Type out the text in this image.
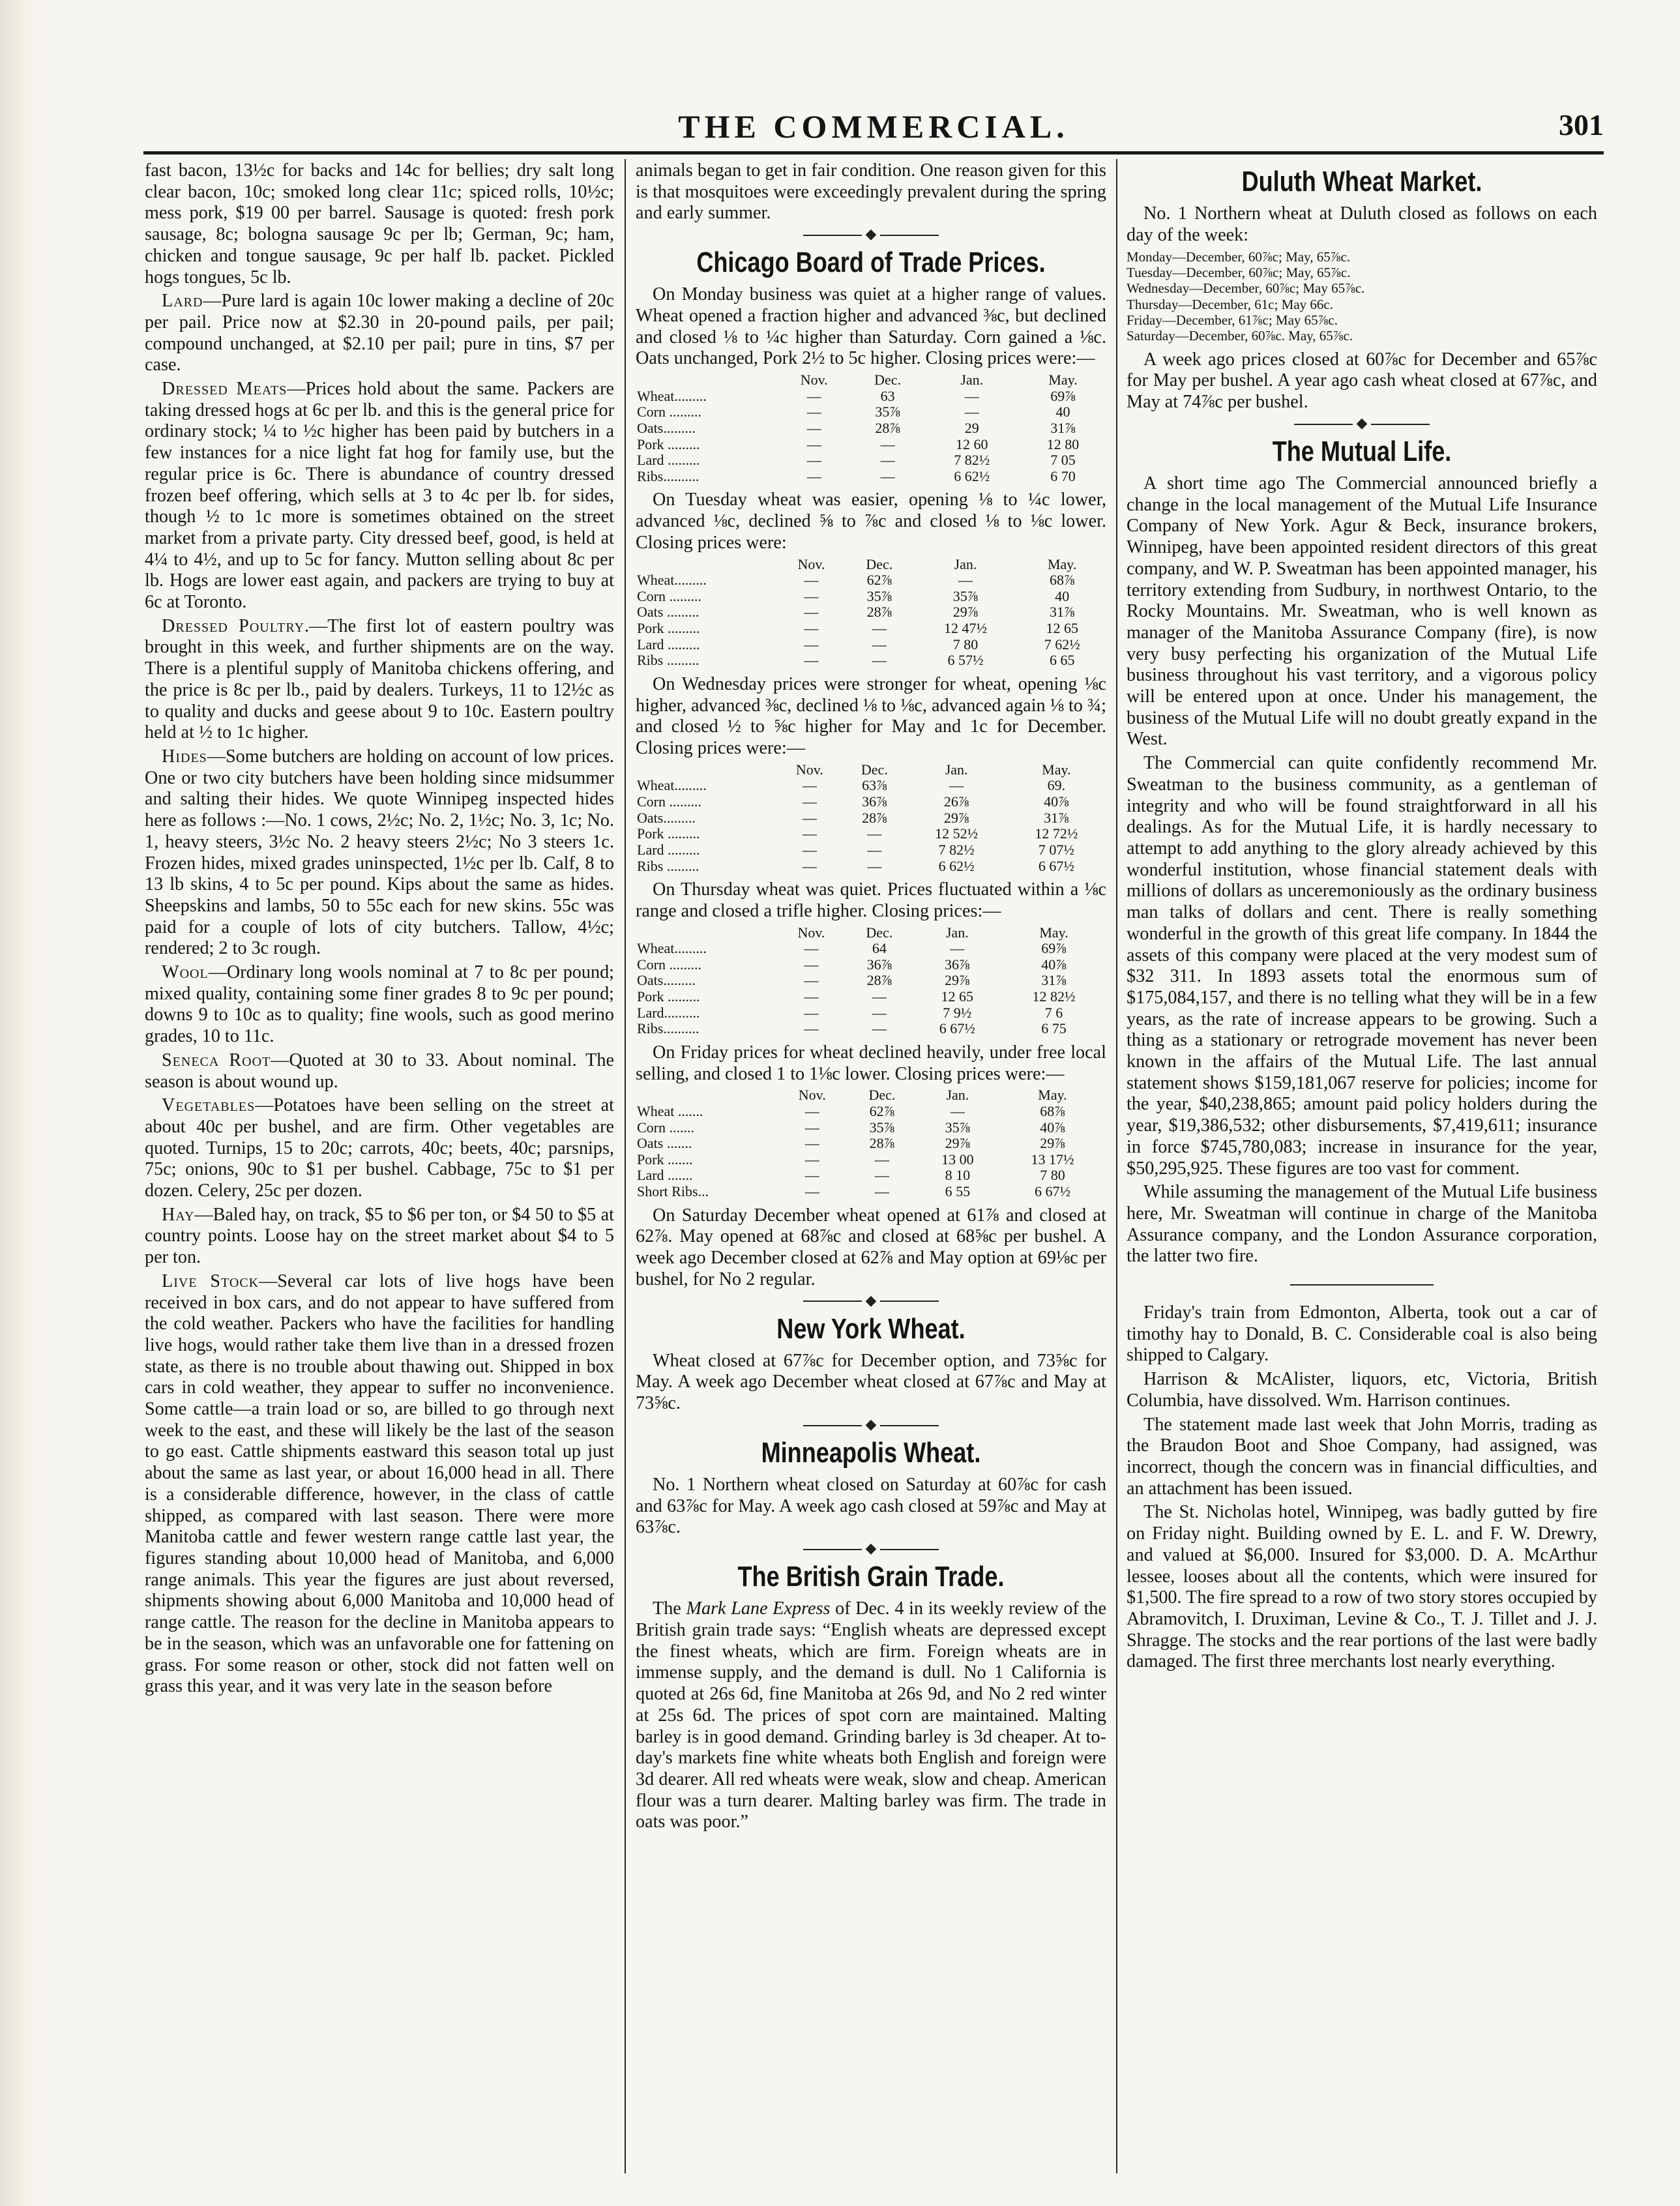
THE COMMERCIAL.	301

fast bacon, 13½c for backs and 14c for bellies; dry salt long clear bacon, 10c; smoked long clear 11c; spiced rolls, 10½c; mess pork, $19 00 per barrel. Sausage is quoted: fresh pork sausage, 8c; bologna sausage 9c per lb; German, 9c; ham, chicken and tongue sausage, 9c per half lb. packet. Pickled hogs tongues, 5c lb.

Lard—Pure lard is again 10c lower making a decline of 20c per pail. Price now at $2.30 in 20-pound pails, per pail; compound unchanged, at $2.10 per pail; pure in tins, $7 per case.

Dressed Meats—Prices hold about the same. Packers are taking dressed hogs at 6c per lb. and this is the general price for ordinary stock; ¼ to ½c higher has been paid by butchers in a few instances for a nice light fat hog for family use, but the regular price is 6c. There is abundance of country dressed frozen beef offering, which sells at 3 to 4c per lb. for sides, though ½ to 1c more is sometimes obtained on the street market from a private party. City dressed beef, good, is held at 4¼ to 4½, and up to 5c for fancy. Mutton selling about 8c per lb. Hogs are lower east again, and packers are trying to buy at 6c at Toronto.

Dressed Poultry.—The first lot of eastern poultry was brought in this week, and further shipments are on the way. There is a plentiful supply of Manitoba chickens offering, and the price is 8c per lb., paid by dealers. Turkeys, 11 to 12½c as to quality and ducks and geese about 9 to 10c. Eastern poultry held at ½ to 1c higher.

Hides—Some butchers are holding on account of low prices. One or two city butchers have been holding since midsummer and salting their hides. We quote Winnipeg inspected hides here as follows :—No. 1 cows, 2½c; No. 2, 1½c; No. 3, 1c; No. 1, heavy steers, 3½c No. 2 heavy steers 2½c; No 3 steers 1c. Frozen hides, mixed grades uninspected, 1½c per lb. Calf, 8 to 13 lb skins, 4 to 5c per pound. Kips about the same as hides. Sheepskins and lambs, 50 to 55c each for new skins. 55c was paid for a couple of lots of city butchers. Tallow, 4½c; rendered; 2 to 3c rough.

Wool—Ordinary long wools nominal at 7 to 8c per pound; mixed quality, containing some finer grades 8 to 9c per pound; downs 9 to 10c as to quality; fine wools, such as good merino grades, 10 to 11c.

Seneca Root—Quoted at 30 to 33. About nominal. The season is about wound up.

Vegetables—Potatoes have been selling on the street at about 40c per bushel, and are firm. Other vegetables are quoted. Turnips, 15 to 20c; carrots, 40c; beets, 40c; parsnips, 75c; onions, 90c to $1 per bushel. Cabbage, 75c to $1 per dozen. Celery, 25c per dozen.

Hay—Baled hay, on track, $5 to $6 per ton, or $4 50 to $5 at country points. Loose hay on the street market about $4 to 5 per ton.

Live Stock—Several car lots of live hogs have been received in box cars, and do not appear to have suffered from the cold weather. Packers who have the facilities for handling live hogs, would rather take them live than in a dressed frozen state, as there is no trouble about thawing out. Shipped in box cars in cold weather, they appear to suffer no inconvenience. Some cattle—a train load or so, are billed to go through next week to the east, and these will likely be the last of the season to go east. Cattle shipments eastward this season total up just about the same as last year, or about 16,000 head in all. There is a considerable difference, however, in the class of cattle shipped, as compared with last season. There were more Manitoba cattle and fewer western range cattle last year, the figures standing about 10,000 head of Manitoba, and 6,000 range animals. This year the figures are just about reversed, shipments showing about 6,000 Manitoba and 10,000 head of range cattle. The reason for the decline in Manitoba appears to be in the season, which was an unfavorable one for fattening on grass. For some reason or other, stock did not fatten well on grass this year, and it was very late in the season before

animals began to get in fair condition. One reason given for this is that mosquitoes were exceedingly prevalent during the spring and early summer.

◆
Chicago Board of Trade Prices.

On Monday business was quiet at a higher range of values. Wheat opened a fraction higher and advanced ⅜c, but declined and closed ⅛ to ¼c higher than Saturday. Corn gained a ⅛c. Oats unchanged, Pork 2½ to 5c higher. Closing prices were:—

	Nov.	Dec.	Jan.	May.
Wheat.........	—	63	—	69⅞
Corn .........	—	35⅞	—	40
Oats.........	—	28⅞	29	31⅞
Pork .........	—	—	12 60	12 80
Lard .........	—	—	7 82½	7 05
Ribs..........	—	—	6 62½	6 70

On Tuesday wheat was easier, opening ⅛ to ¼c lower, advanced ⅛c, declined ⅝ to ⅞c and closed ⅛ to ⅛c lower. Closing prices were:

	Nov.	Dec.	Jan.	May.
Wheat.........	—	62⅞	—	68⅞
Corn .........	—	35⅞	35⅞	40
Oats .........	—	28⅞	29⅞	31⅞
Pork .........	—	—	12 47½	12 65
Lard .........	—	—	7 80	7 62½
Ribs .........	—	—	6 57½	6 65

On Wednesday prices were stronger for wheat, opening ⅛c higher, advanced ⅜c, declined ⅛ to ⅛c, advanced again ⅛ to ¾; and closed ½ to ⅝c higher for May and 1c for December. Closing prices were:—

	Nov.	Dec.	Jan.	May.
Wheat.........	—	63⅞	—	69.
Corn .........	—	36⅞	26⅞	40⅞
Oats.........	—	28⅞	29⅞	31⅞
Pork .........	—	—	12 52½	12 72½
Lard .........	—	—	7 82½	7 07½
Ribs .........	—	—	6 62½	6 67½

On Thursday wheat was quiet. Prices fluctuated within a ⅛c range and closed a trifle higher. Closing prices:—

	Nov.	Dec.	Jan.	May.
Wheat.........	—	64	—	69⅞
Corn .........	—	36⅞	36⅞	40⅞
Oats.........	—	28⅞	29⅞	31⅞
Pork .........	—	—	12 65	12 82½
Lard..........	—	—	7 9½	7 6
Ribs..........	—	—	6 67½	6 75

On Friday prices for wheat declined heavily, under free local selling, and closed 1 to 1⅛c lower. Closing prices were:—

	Nov.	Dec.	Jan.	May.
Wheat .......	—	62⅞	—	68⅞
Corn .......	—	35⅞	35⅞	40⅞
Oats .......	—	28⅞	29⅞	29⅞
Pork .......	—	—	13 00	13 17½
Lard .......	—	—	8 10	7 80
Short Ribs...	—	—	6 55	6 67½

On Saturday December wheat opened at 61⅞ and closed at 62⅞. May opened at 68⅞c and closed at 68⅝c per bushel. A week ago December closed at 62⅞ and May option at 69⅛c per bushel, for No 2 regular.

◆
New York Wheat.

Wheat closed at 67⅞c for December option, and 73⅝c for May. A week ago December wheat closed at 67⅞c and May at 73⅝c.

◆
Minneapolis Wheat.

No. 1 Northern wheat closed on Saturday at 60⅞c for cash and 63⅞c for May. A week ago cash closed at 59⅞c and May at 63⅞c.

◆
The British Grain Trade.

The Mark Lane Express of Dec. 4 in its weekly review of the British grain trade says: “English wheats are depressed except the finest wheats, which are firm. Foreign wheats are in immense supply, and the demand is dull. No 1 California is quoted at 26s 6d, fine Manitoba at 26s 9d, and No 2 red winter at 25s 6d. The prices of spot corn are maintained. Malting barley is in good demand. Grinding barley is 3d cheaper. At to-day's markets fine white wheats both English and foreign were 3d dearer. All red wheats were weak, slow and cheap. American flour was a turn dearer. Malting barley was firm. The trade in oats was poor.”

Duluth Wheat Market.

No. 1 Northern wheat at Duluth closed as follows on each day of the week:

Monday—December, 60⅞c; May, 65⅞c.
Tuesday—December, 60⅞c; May, 65⅞c.
Wednesday—December, 60⅞c; May 65⅞c.
Thursday—December, 61c; May 66c.
Friday—December, 61⅞c; May 65⅞c.
Saturday—December, 60⅞c. May, 65⅞c.

A week ago prices closed at 60⅞c for December and 65⅞c for May per bushel. A year ago cash wheat closed at 67⅞c, and May at 74⅞c per bushel.

◆
The Mutual Life.

A short time ago The Commercial announced briefly a change in the local management of the Mutual Life Insurance Company of New York. Agur & Beck, insurance brokers, Winnipeg, have been appointed resident directors of this great company, and W. P. Sweatman has been appointed manager, his territory extending from Sudbury, in northwest Ontario, to the Rocky Mountains. Mr. Sweatman, who is well known as manager of the Manitoba Assurance Company (fire), is now very busy perfecting his organization of the Mutual Life business throughout his vast territory, and a vigorous policy will be entered upon at once. Under his management, the business of the Mutual Life will no doubt greatly expand in the West.

The Commercial can quite confidently recommend Mr. Sweatman to the business community, as a gentleman of integrity and who will be found straightforward in all his dealings. As for the Mutual Life, it is hardly necessary to attempt to add anything to the glory already achieved by this wonderful institution, whose financial statement deals with millions of dollars as unceremoniously as the ordinary business man talks of dollars and cent. There is really something wonderful in the growth of this great life company. In 1844 the assets of this company were placed at the very modest sum of $32 311. In 1893 assets total the enormous sum of $175,084,157, and there is no telling what they will be in a few years, as the rate of increase appears to be growing. Such a thing as a stationary or retrograde movement has never been known in the affairs of the Mutual Life. The last annual statement shows $159,181,067 reserve for policies; income for the year, $40,238,865; amount paid policy holders during the year, $19,386,532; other disbursements, $7,419,611; insurance in force $745,780,083; increase in insurance for the year, $50,295,925. These figures are too vast for comment.

While assuming the management of the Mutual Life business here, Mr. Sweatman will continue in charge of the Manitoba Assurance company, and the London Assurance corporation, the latter two fire.

Friday's train from Edmonton, Alberta, took out a car of timothy hay to Donald, B. C. Considerable coal is also being shipped to Calgary.

Harrison & McAlister, liquors, etc, Victoria, British Columbia, have dissolved. Wm. Harrison continues.

The statement made last week that John Morris, trading as the Braudon Boot and Shoe Company, had assigned, was incorrect, though the concern was in financial difficulties, and an attachment has been issued.

The St. Nicholas hotel, Winnipeg, was badly gutted by fire on Friday night. Building owned by E. L. and F. W. Drewry, and valued at $6,000. Insured for $3,000. D. A. McArthur lessee, looses about all the contents, which were insured for $1,500. The fire spread to a row of two story stores occupied by Abramovitch, I. Druximan, Levine & Co., T. J. Tillet and J. J. Shragge. The stocks and the rear portions of the last were badly damaged. The first three merchants lost nearly everything.
